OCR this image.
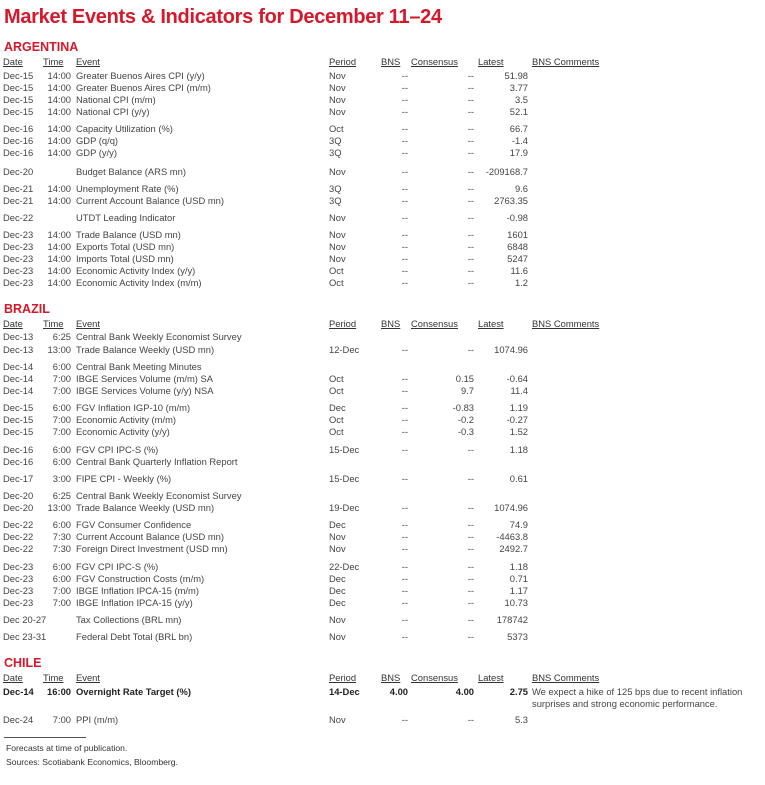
Market Events & Indicators for December 11–24
ARGENTINA
Date Time Event	Period	BNS Consensus Latest	BNS Comments
Dec-15	14:00 Greater Buenos Aires CPI (y/y)	Nov	--	--	51.98
Dec-15	14:00 Greater Buenos Aires CPI (m/m)	Nov	--	--	3.77
Dec-15	14:00 National CPI (m/m)	Nov	--	--	3.5
Dec-15	14:00 National CPI (y/y)	Nov	--	--	52.1
Dec-16	14:00 Capacity Utilization (%)	Oct	--	--	66.7
Dec-16	14:00 GDP (q/q)	3Q	--	--	-1.4
Dec-16	14:00 GDP (y/y)	3Q	--	--	17.9
Dec-20	Budget Balance (ARS mn)	Nov	--	--	-209168.7
Dec-21	14:00 Unemployment Rate (%)	3Q	--	--	9.6
Dec-21	14:00 Current Account Balance (USD mn)	3Q	--	--	2763.35
Dec-22	UTDT Leading Indicator	Nov	--	--	-0.98
Dec-23	14:00 Trade Balance (USD mn)	Nov	--	--	1601
Dec-23	14:00 Exports Total (USD mn)	Nov	--	--	6848
Dec-23	14:00 Imports Total (USD mn)	Nov	--	--	5247
Dec-23	14:00 Economic Activity Index (y/y)	Oct	--	--	11.6
Dec-23	14:00 Economic Activity Index (m/m)	Oct	--	--	1.2
BRAZIL
Date Time Event	Period	BNS Consensus Latest	BNS Comments
Dec-13	6:25 Central Bank Weekly Economist Survey
Dec-13	13:00 Trade Balance Weekly (USD mn)	12-Dec	--	--	1074.96
Dec-14	6:00 Central Bank Meeting Minutes
Dec-14	7:00 IBGE Services Volume (m/m) SA	Oct	--	0.15	-0.64
Dec-14	7:00 IBGE Services Volume (y/y) NSA	Oct	--	9.7	11.4
Dec-15	6:00 FGV Inflation IGP-10 (m/m)	Dec	--	-0.83	1.19
Dec-15	7:00 Economic Activity (m/m)	Oct	--	-0.2	-0.27
Dec-15	7:00 Economic Activity (y/y)	Oct	--	-0.3	1.52
Dec-16	6:00 FGV CPI IPC-S (%)	15-Dec	--	--	1.18
Dec-16	6:00 Central Bank Quarterly Inflation Report
Dec-17	3:00 FIPE CPI - Weekly (%)	15-Dec	--	--	0.61
Dec-20	6:25 Central Bank Weekly Economist Survey
Dec-20	13:00 Trade Balance Weekly (USD mn)	19-Dec	--	--	1074.96
Dec-22	6:00 FGV Consumer Confidence	Dec	--	--	74.9
Dec-22	7:30 Current Account Balance (USD mn)	Nov	--	--	-4463.8
Dec-22	7:30 Foreign Direct Investment (USD mn)	Nov	--	--	2492.7
Dec-23	6:00 FGV CPI IPC-S (%)	22-Dec	--	--	1.18
Dec-23	6:00 FGV Construction Costs (m/m)	Dec	--	--	0.71
Dec-23	7:00 IBGE Inflation IPCA-15 (m/m)	Dec	--	--	1.17
Dec-23	7:00 IBGE Inflation IPCA-15 (y/y)	Dec	--	--	10.73
Dec 20-27	Tax Collections (BRL mn)	Nov	--	--	178742
Dec 23-31	Federal Debt Total (BRL bn)	Nov	--	--	5373
CHILE
Date Time Event	Period	BNS Consensus Latest	BNS Comments
Dec-14	16:00 Overnight Rate Target (%)	14-Dec	4.00	4.00	2.75 We expect a hike of 125 bps due to recent inflation surprises and strong economic performance.
Dec-24	7:00 PPI (m/m)	Nov	--	--	5.3
Forecasts at time of publication.
Sources: Scotiabank Economics, Bloomberg.
